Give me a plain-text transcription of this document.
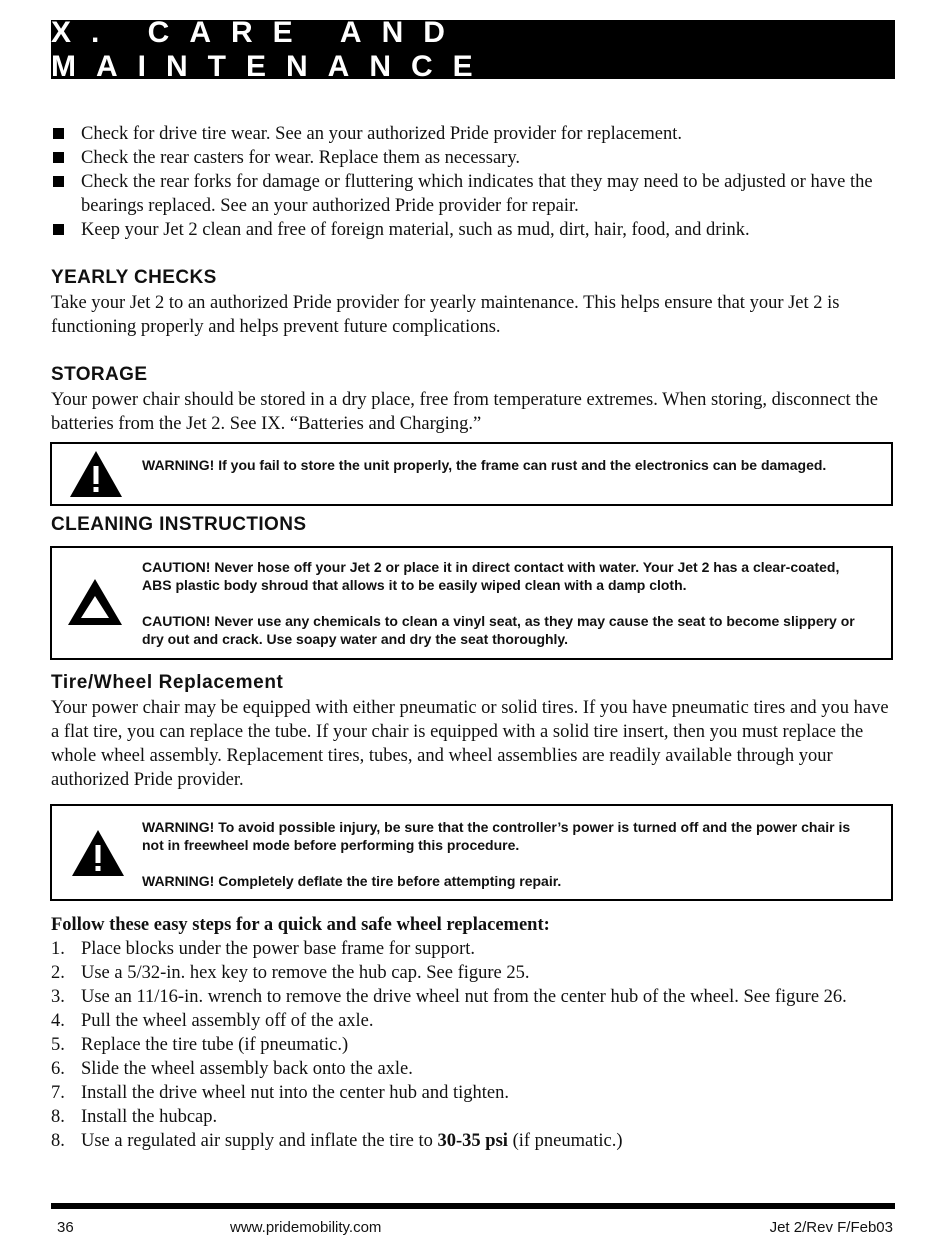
X. CARE AND MAINTENANCE
Check for drive tire wear. See an your authorized Pride provider for replacement.
Check the rear casters for wear. Replace them as necessary.
Check the rear forks for damage or fluttering which indicates that they may need to be adjusted or have the bearings replaced. See an your authorized Pride provider for repair.
Keep your Jet 2 clean and free of foreign material, such as mud, dirt, hair, food, and drink.
YEARLY CHECKS

Take your Jet 2 to an authorized Pride provider for yearly maintenance. This helps ensure that your Jet 2 is functioning properly and helps prevent future complications.

STORAGE

Your power chair should be stored in a dry place, free from temperature extremes. When storing, disconnect the batteries from the Jet 2. See IX. “Batteries and Charging.”

WARNING! If you fail to store the unit properly, the frame can rust and the electronics can be damaged.
CLEANING INSTRUCTIONS
CAUTION! Never hose off your Jet 2 or place it in direct contact with water. Your Jet 2 has a clear-coated, ABS plastic body shroud that allows it to be easily wiped clean with a damp cloth.
CAUTION! Never use any chemicals to clean a vinyl seat, as they may cause the seat to become slippery or dry out and crack. Use soapy water and dry the seat thoroughly.
Tire/Wheel Replacement

Your power chair may be equipped with either pneumatic or solid tires. If you have pneumatic tires and you have a flat tire, you can replace the tube. If your chair is equipped with a solid tire insert, then you must replace the whole wheel assembly. Replacement tires, tubes, and wheel assemblies are readily available through your authorized Pride provider.

WARNING! To avoid possible injury, be sure that the controller’s power is turned off and the power chair is not in freewheel mode before performing this procedure.
WARNING! Completely deflate the tire before attempting repair.
Follow these easy steps for a quick and safe wheel replacement:
1. Place blocks under the power base frame for support.
2. Use a 5/32-in. hex key to remove the hub cap. See figure 25.
3. Use an 11/16-in. wrench to remove the drive wheel nut from the center hub of the wheel. See figure 26.
4. Pull the wheel assembly off of the axle.
5. Replace the tire tube (if pneumatic.)
6. Slide the wheel assembly back onto the axle.
7. Install the drive wheel nut into the center hub and tighten.
8. Install the hubcap.
8. Use a regulated air supply and inflate the tire to 30-35 psi (if pneumatic.)
36	www.pridemobility.com	Jet 2/Rev F/Feb03
